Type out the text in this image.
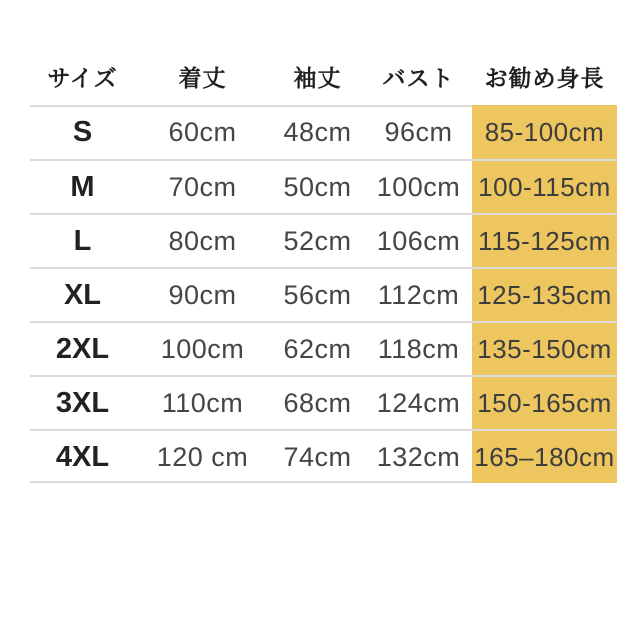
サイズ	着丈	袖丈	バスト	お勧め身長
S	60cm	48cm	96cm	85-100cm
M	70cm	50cm 100cm 100-115cm
L	80cm	52cm 106cm 115-125cm
XL	90cm	56cm 112cm 125-135cm
2XL	100cm	62cm 118cm 135-150cm
3XL	110cm	68cm 124cm 150-165cm
4XL	120 cm	74cm 132cm 165–180cm
